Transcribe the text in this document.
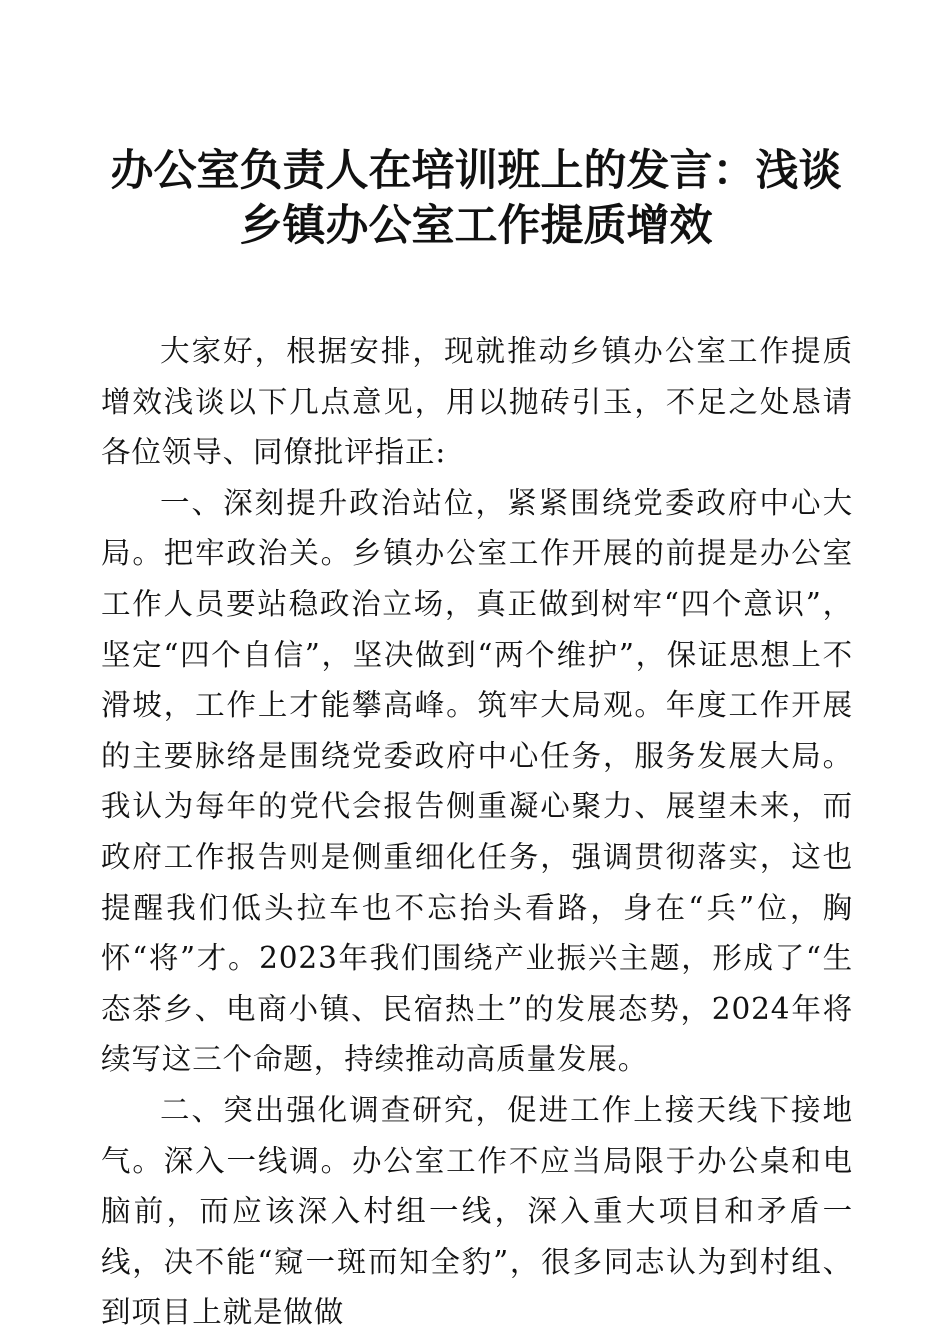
办公室负责人在培训班上的发言：浅谈乡镇办公室工作提质增效

大家好，根据安排，现就推动乡镇办公室工作提质增效浅谈以下几点意见，用以抛砖引玉，不足之处恳请各位领导、同僚批评指正:

一、深刻提升政治站位，紧紧围绕党委政府中心大局。把牢政治关。乡镇办公室工作开展的前提是办公室工作人员要站稳政治立场，真正做到树牢“四个意识”，坚定“四个自信”，坚决做到“两个维护”，保证思想上不滑坡，工作上才能攀高峰。筑牢大局观。年度工作开展的主要脉络是围绕党委政府中心任务，服务发展大局。我认为每年的党代会报告侧重凝心聚力、展望未来，而政府工作报告则是侧重细化任务，强调贯彻落实，这也提醒我们低头拉车也不忘抬头看路，身在“兵”位，胸怀“将”才。2023年我们围绕产业振兴主题，形成了“生态茶乡、电商小镇、民宿热土”的发展态势，2024年将续写这三个命题，持续推动高质量发展。

二、突出强化调查研究，促进工作上接天线下接地气。深入一线调。办公室工作不应当局限于办公桌和电脑前，而应该深入村组一线，深入重大项目和矛盾一线，决不能“窥一斑而知全豹”，很多同志认为到村组、到项目上就是做做
